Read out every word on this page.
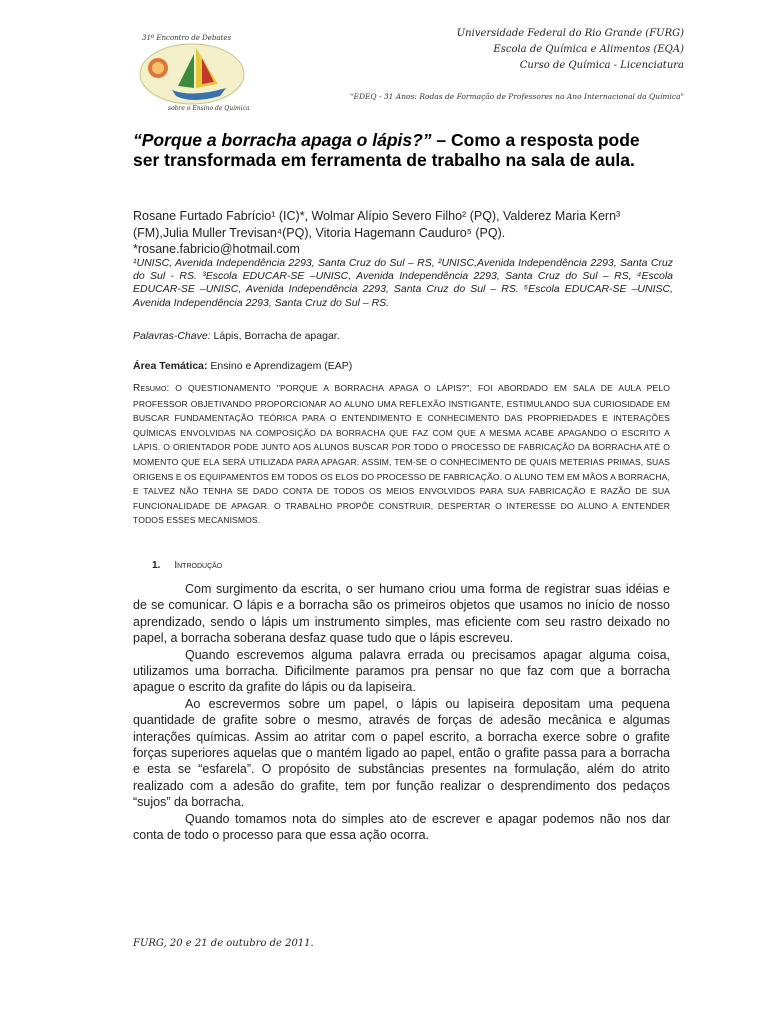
31º Encontro de Debates
sobre o Ensino de Química
Universidade Federal do Rio Grande (FURG)
Escola de Química e Alimentos (EQA)
Curso de Química - Licenciatura
"EDEQ - 31 Anos: Rodas de Formação de Professores no Ano Internacional da Química"
“Porque a borracha apaga o lápis?” – Como a resposta pode ser transformada em ferramenta de trabalho na sala de aula.
Rosane Furtado Fabrício¹ (IC)*, Wolmar Alípio Severo Filho² (PQ), Valderez Maria Kern³ (FM),Julia Muller Trevisan⁴(PQ), Vitoria Hagemann Cauduro⁵ (PQ). *rosane.fabricio@hotmail.com
¹UNISC, Avenida Independência 2293, Santa Cruz do Sul – RS, ²UNISC,Avenida Independência 2293, Santa Cruz do Sul - RS. ³Escola EDUCAR-SE –UNISC, Avenida Independência 2293, Santa Cruz do Sul – RS, ⁴Escola EDUCAR-SE –UNISC, Avenida Independência 2293, Santa Cruz do Sul – RS. ⁵Escola EDUCAR-SE –UNISC, Avenida Independência 2293, Santa Cruz do Sul – RS.
Palavras-Chave: Lápis, Borracha de apagar.
Área Temática: Ensino e Aprendizagem (EAP)
Resumo: O QUESTIONAMENTO "PORQUE A BORRACHA APAGA O LÁPIS?", FOI ABORDADO EM SALA DE AULA PELO PROFESSOR OBJETIVANDO PROPORCIONAR AO ALUNO UMA REFLEXÃO INSTIGANTE, ESTIMULANDO SUA CURIOSIDADE EM BUSCAR FUNDAMENTAÇÃO TEÓRICA PARA O ENTENDIMENTO E CONHECIMENTO DAS PROPRIEDADES E INTERAÇÕES QUÍMICAS ENVOLVIDAS NA COMPOSIÇÃO DA BORRACHA QUE FAZ COM QUE A MESMA ACABE APAGANDO O ESCRITO A LÁPIS. O ORIENTADOR PODE JUNTO AOS ALUNOS BUSCAR POR TODO O PROCESSO DE FABRICAÇÃO DA BORRACHA ATÉ O MOMENTO QUE ELA SERÁ UTILIZADA PARA APAGAR. ASSIM, TEM-SE O CONHECIMENTO DE QUAIS METERIAS PRIMAS, SUAS ORIGENS E OS EQUIPAMENTOS EM TODOS OS ELOS DO PROCESSO DE FABRICAÇÃO. O ALUNO TEM EM MÃOS A BORRACHA, E TALVEZ NÃO TENHA SE DADO CONTA DE TODOS OS MEIOS ENVOLVIDOS PARA SUA FABRICAÇÃO E RAZÃO DE SUA FUNCIONALIDADE DE APAGAR. O TRABALHO PROPÕE CONSTRUIR, DESPERTAR O INTERESSE DO ALUNO A ENTENDER TODOS ESSES MECANISMOS.
1. Introdução

Com surgimento da escrita, o ser humano criou uma forma de registrar suas idéias e de se comunicar. O lápis e a borracha são os primeiros objetos que usamos no início de nosso aprendizado, sendo o lápis um instrumento simples, mas eficiente com seu rastro deixado no papel, a borracha soberana desfaz quase tudo que o lápis escreveu.

Quando escrevemos alguma palavra errada ou precisamos apagar alguma coisa, utilizamos uma borracha. Dificilmente paramos pra pensar no que faz com que a borracha apague o escrito da grafite do lápis ou da lapiseira.

Ao escrevermos sobre um papel, o lápis ou lapiseira depositam uma pequena quantidade de grafite sobre o mesmo, através de forças de adesão mecânica e algumas interações químicas. Assim ao atritar com o papel escrito, a borracha exerce sobre o grafite forças superiores aquelas que o mantém ligado ao papel, então o grafite passa para a borracha e esta se “esfarela”. O propósito de substâncias presentes na formulação, além do atrito realizado com a adesão do grafite, tem por função realizar o desprendimento dos pedaços “sujos” da borracha.

Quando tomamos nota do simples ato de escrever e apagar podemos não nos dar conta de todo o processo para que essa ação ocorra.

FURG, 20 e 21 de outubro de 2011.
